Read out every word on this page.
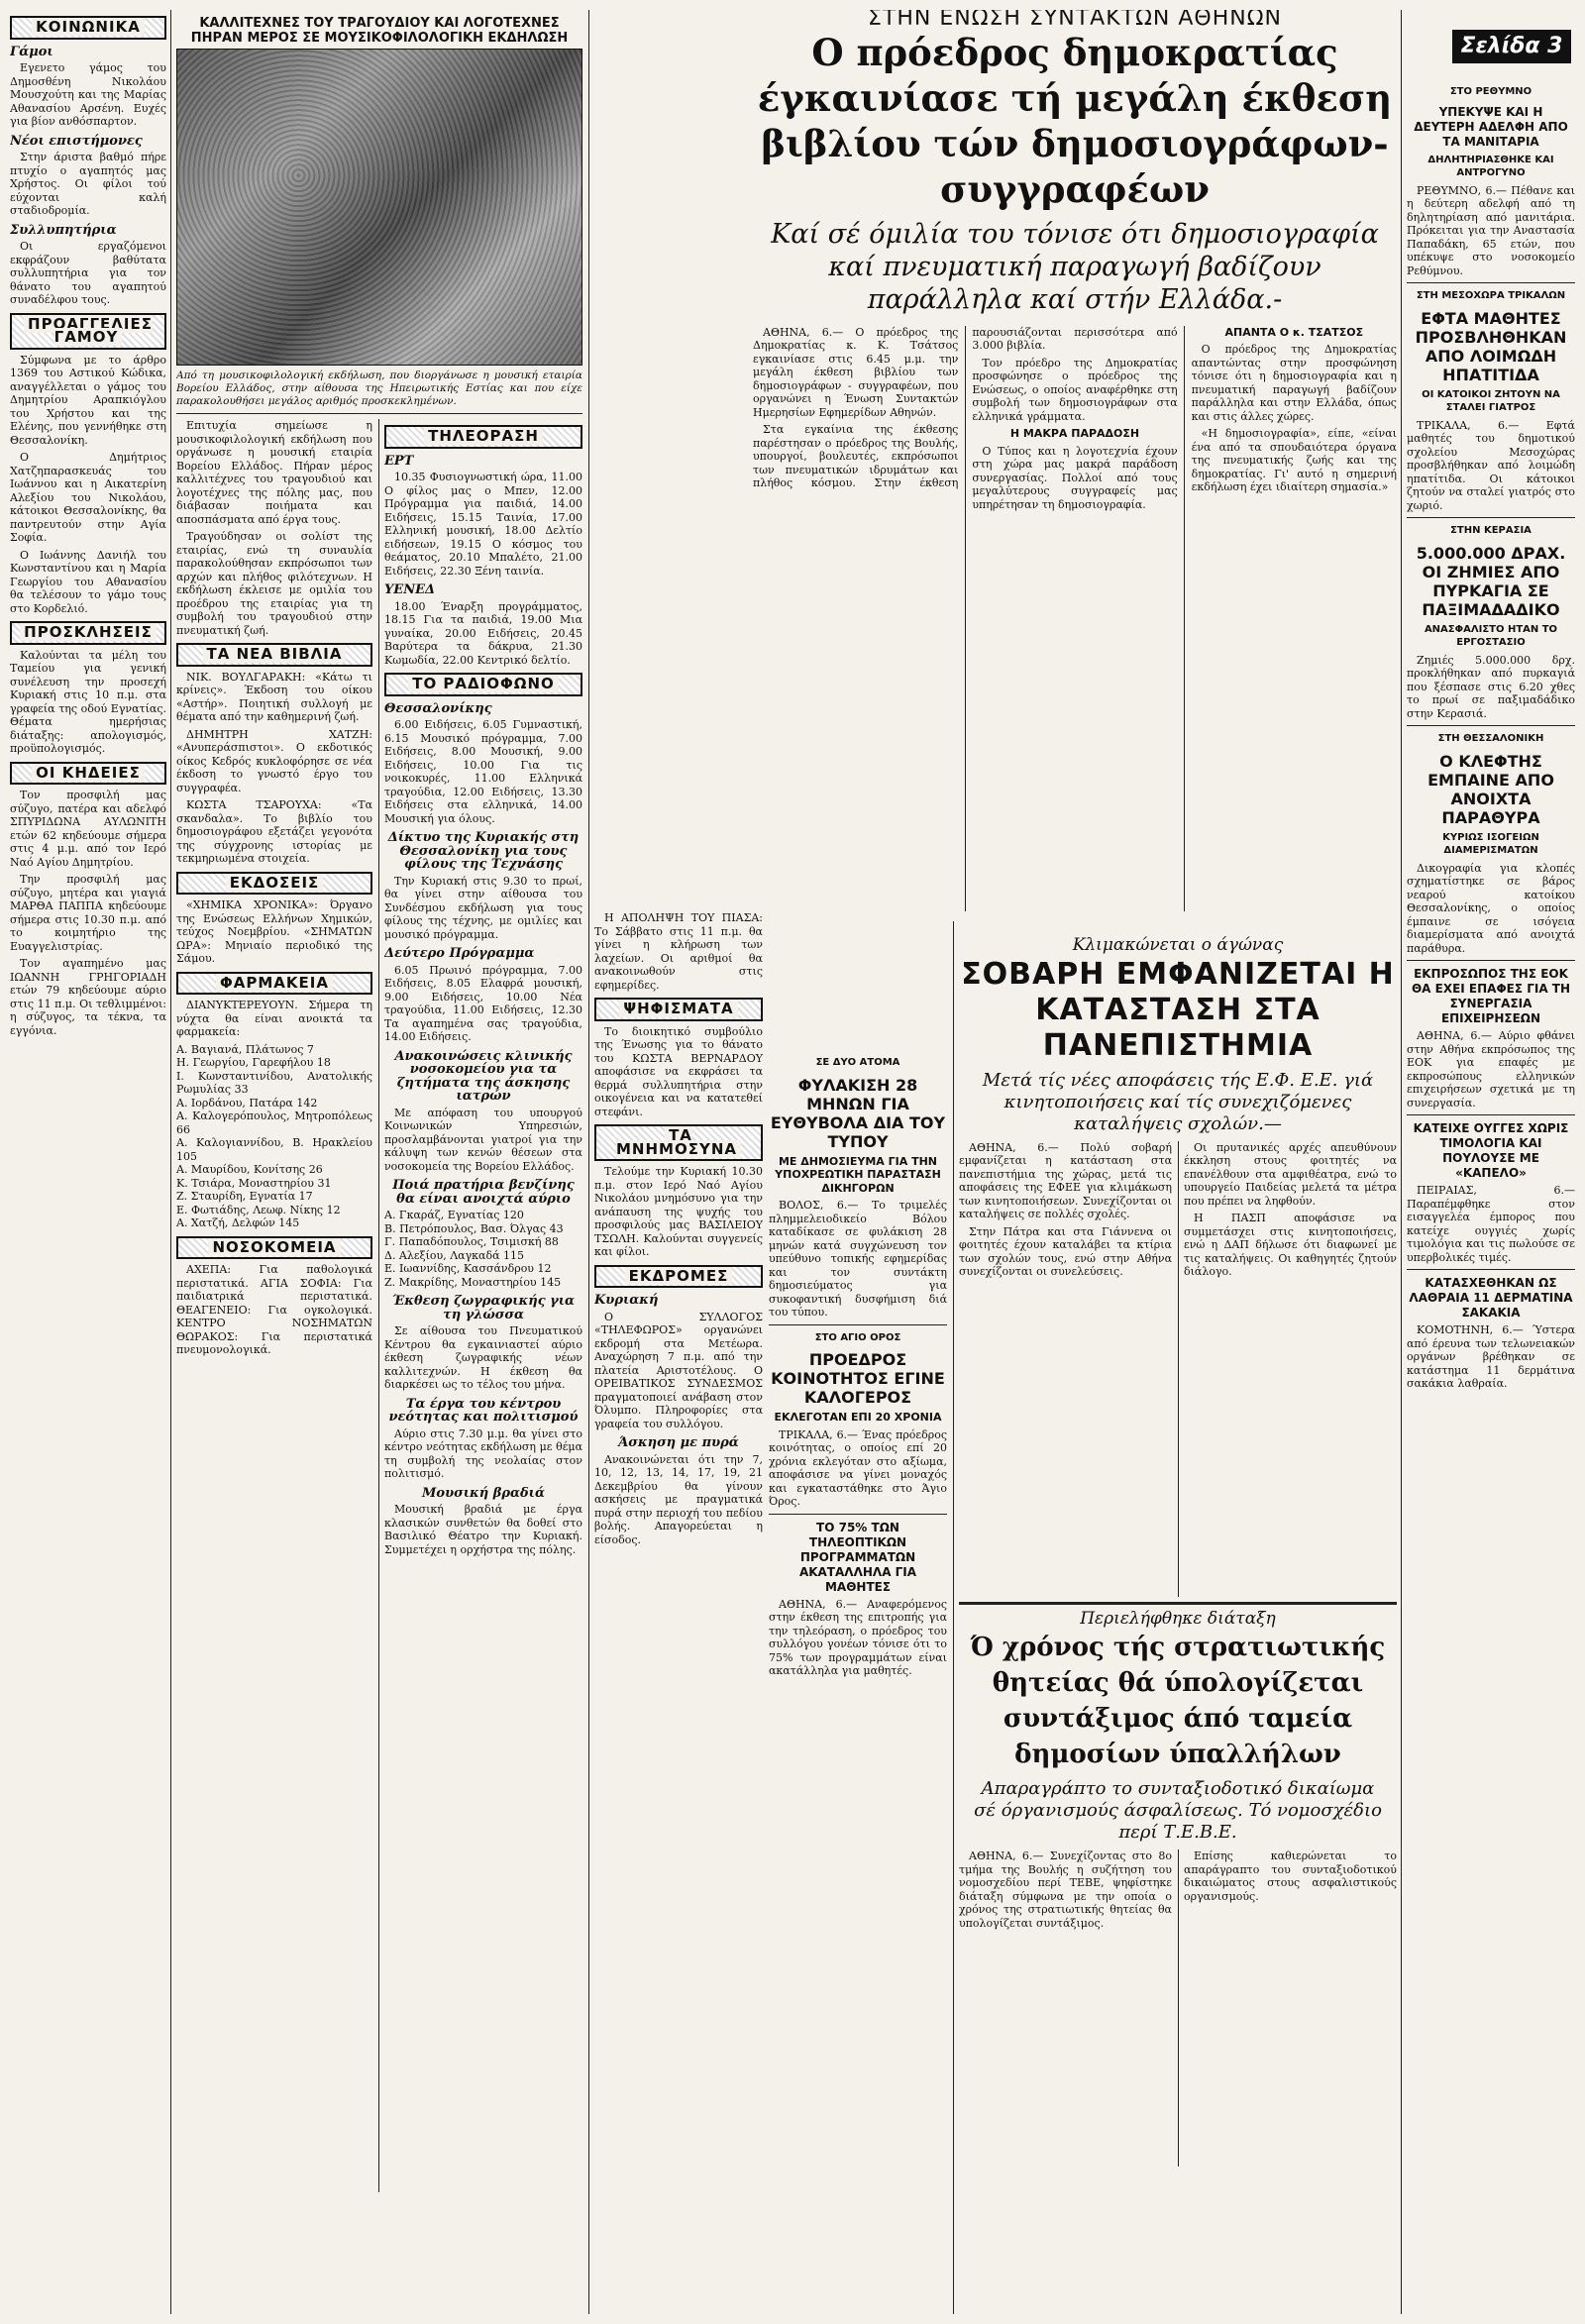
ΚΟΙΝΩΝΙΚΑ
Γάμοι

Εγενετο γάμος του Δημοσθένη Νικολάου Μουσχούτη και της Μαρίας Αθανασίου Αρσένη. Ευχές για βίον ανθόσπαρτον.

Νέοι επιστήμονες

Στην άριστα βαθμό πήρε πτυχίο ο αγαπητός μας Χρήστος. Οι φίλοι τού εύχονται καλή σταδιοδρομία.

Συλλυπητήρια

Οι εργαζόμενοι εκφράζουν βαθύτατα συλλυπητήρια για τον θάνατο του αγαπητού συναδέλφου τους.

ΠΡΟΑΓΓΕΛΙΕΣ ΓΑΜΟΥ

Σύμφωνα με το άρθρο 1369 του Αστικού Κώδικα, αναγγέλλεται ο γάμος του Δημητρίου Αραπκιόγλου του Χρήστου και της Ελένης, που γεννήθηκε στη Θεσσαλονίκη.

Ο Δημήτριος Χατζηπαρασκευάς του Ιωάννου και η Αικατερίνη Αλεξίου του Νικολάου, κάτοικοι Θεσσαλονίκης, θα παντρευτούν στην Αγία Σοφία.

Ο Ιωάννης Δανιήλ του Κωνσταντίνου και η Μαρία Γεωργίου του Αθανασίου θα τελέσουν το γάμο τους στο Κορδελιό.

ΠΡΟΣΚΛΗΣΕΙΣ

Καλούνται τα μέλη του Ταμείου για γενική συνέλευση την προσεχή Κυριακή στις 10 π.μ. στα γραφεία της οδού Εγνατίας. Θέματα ημερήσιας διάταξης: απολογισμός, προϋπολογισμός.

ΟΙ ΚΗΔΕΙΕΣ

Τον προσφιλή μας σύζυγο, πατέρα και αδελφό ΣΠΥΡΙΔΩΝΑ ΑΥΛΩΝΙΤΗ ετών 62 κηδεύουμε σήμερα στις 4 μ.μ. από τον Ιερό Ναό Αγίου Δημητρίου.

Την προσφιλή μας σύζυγο, μητέρα και γιαγιά ΜΑΡΘΑ ΠΑΠΠΑ κηδεύουμε σήμερα στις 10.30 π.μ. από το κοιμητήριο της Ευαγγελιστρίας.

Τον αγαπημένο μας ΙΩΑΝΝΗ ΓΡΗΓΟΡΙΑΔΗ ετών 79 κηδεύουμε αύριο στις 11 π.μ. Οι τεθλιμμένοι: η σύζυγος, τα τέκνα, τα εγγόνια.

ΚΑΛΛΙΤΕΧΝΕΣ ΤΟΥ ΤΡΑΓΟΥΔΙΟΥ ΚΑΙ ΛΟΓΟΤΕΧΝΕΣ ΠΗΡΑΝ ΜΕΡΟΣ ΣΕ ΜΟΥΣΙΚΟΦΙΛΟΛΟΓΙΚΗ ΕΚΔΗΛΩΣΗ
Από τη μουσικοφιλολογική εκδήλωση, που διοργάνωσε η μουσική εταιρία Βορείου Ελλάδος, στην αίθουσα της Ηπειρωτικής Εστίας και που είχε παρακολουθήσει μεγάλος αριθμός προσκεκλημένων.

Επιτυχία σημείωσε η μουσικοφιλολογική εκδήλωση που οργάνωσε η μουσική εταιρία Βορείου Ελλάδος. Πήραν μέρος καλλιτέχνες του τραγουδιού και λογοτέχνες της πόλης μας, που διάβασαν ποιήματα και αποσπάσματα από έργα τους.

Τραγούδησαν οι σολίστ της εταιρίας, ενώ τη συναυλία παρακολούθησαν εκπρόσωποι των αρχών και πλήθος φιλότεχνων. Η εκδήλωση έκλεισε με ομιλία του προέδρου της εταιρίας για τη συμβολή του τραγουδιού στην πνευματική ζωή.

ΤΑ ΝΕΑ ΒΙΒΛΙΑ

ΝΙΚ. ΒΟΥΛΓΑΡΑΚΗ: «Κάτω τι κρίνεις». Έκδοση του οίκου «Αστήρ». Ποιητική συλλογή με θέματα από την καθημερινή ζωή.

ΔΗΜΗΤΡΗ ΧΑΤΖΗ: «Ανυπεράσπιστοι». Ο εκδοτικός οίκος Κεδρός κυκλοφόρησε σε νέα έκδοση το γνωστό έργο του συγγραφέα.

ΚΩΣΤΑ ΤΣΑΡΟΥΧΑ: «Τα σκανδαλα». Το βιβλίο του δημοσιογράφου εξετάζει γεγονότα της σύγχρονης ιστορίας με τεκμηριωμένα στοιχεία.

ΕΚΔΟΣΕΙΣ

«ΧΗΜΙΚΑ ΧΡΟΝΙΚΑ»: Όργανο της Ενώσεως Ελλήνων Χημικών, τεύχος Νοεμβρίου. «ΣΗΜΑΤΩΝ ΩΡΑ»: Μηνιαίο περιοδικό της Σάμου.

ΦΑΡΜΑΚΕΙΑ

ΔΙΑΝΥΚΤΕΡΕΥΟΥΝ. Σήμερα τη νύχτα θα είναι ανοικτά τα φαρμακεία:

Α. Βαγιανά, Πλάτωνος 7

Η. Γεωργίου, Γαρεφήλου 18

Ι. Κωνσταντινίδου, Ανατολικής Ρωμυλίας 33

Α. Ιορδάνου, Πατάρα 142

Α. Καλογερόπουλος, Μητροπόλεως 66

Α. Καλογιαννίδου, Β. Ηρακλείου 105

Α. Μαυρίδου, Κονίτσης 26

Κ. Τσιάρα, Μοναστηρίου 31

Ζ. Σταυρίδη, Εγνατία 17

Ε. Φωτιάδης, Λεωφ. Νίκης 12

Α. Χατζή, Δελφών 145

ΝΟΣΟΚΟΜΕΙΑ

ΑΧΕΠΑ: Για παθολογικά περιστατικά. ΑΓΙΑ ΣΟΦΙΑ: Για παιδιατρικά περιστατικά. ΘΕΑΓΕΝΕΙΟ: Για ογκολογικά. ΚΕΝΤΡΟ ΝΟΣΗΜΑΤΩΝ ΘΩΡΑΚΟΣ: Για περιστατικά πνευμονολογικά.

ΤΗΛΕΟΡΑΣΗ
ΕΡΤ

10.35 Φυσιογνωστική ώρα, 11.00 Ο φίλος μας ο Μπεν, 12.00 Πρόγραμμα για παιδιά, 14.00 Ειδήσεις, 15.15 Ταινία, 17.00 Ελληνική μουσική, 18.00 Δελτίο ειδήσεων, 19.15 Ο κόσμος του θεάματος, 20.10 Μπαλέτο, 21.00 Ειδήσεις, 22.30 Ξένη ταινία.

ΥΕΝΕΔ

18.00 Έναρξη προγράμματος, 18.15 Για τα παιδιά, 19.00 Μια γυναίκα, 20.00 Ειδήσεις, 20.45 Βαρύτερα τα δάκρυα, 21.30 Κωμωδία, 22.00 Κεντρικό δελτίο.

ΤΟ ΡΑΔΙΟΦΩΝΟ
Θεσσαλονίκης

6.00 Ειδήσεις, 6.05 Γυμναστική, 6.15 Μουσικό πρόγραμμα, 7.00 Ειδήσεις, 8.00 Μουσική, 9.00 Ειδήσεις, 10.00 Για τις νοικοκυρές, 11.00 Ελληνικά τραγούδια, 12.00 Ειδήσεις, 13.30 Ειδήσεις στα ελληνικά, 14.00 Μουσική για όλους.

Δίκτυο της Κυριακής στη Θεσσαλονίκη για τους φίλους της Τεχνάσης

Την Κυριακή στις 9.30 το πρωί, θα γίνει στην αίθουσα του Συνδέσμου εκδήλωση για τους φίλους της τέχνης, με ομιλίες και μουσικό πρόγραμμα.

Δεύτερο Πρόγραμμα

6.05 Πρωινό πρόγραμμα, 7.00 Ειδήσεις, 8.05 Ελαφρά μουσική, 9.00 Ειδήσεις, 10.00 Νέα τραγούδια, 11.00 Ειδήσεις, 12.30 Τα αγαπημένα σας τραγούδια, 14.00 Ειδήσεις.

Ανακοινώσεις κλινικής νοσοκομείου για τα ζητήματα της άσκησης ιατρών

Με απόφαση του υπουργού Κοινωνικών Υπηρεσιών, προσλαμβάνονται γιατροί για την κάλυψη των κενών θέσεων στα νοσοκομεία της Βορείου Ελλάδος.

Ποιά πρατήρια βενζίνης θα είναι ανοιχτά αύριο

Α. Γκαράζ, Εγνατίας 120

Β. Πετρόπουλος, Βασ. Όλγας 43

Γ. Παπαδόπουλος, Τσιμισκή 88

Δ. Αλεξίου, Λαγκαδά 115

Ε. Ιωαννίδης, Κασσάνδρου 12

Ζ. Μακρίδης, Μοναστηρίου 145

Έκθεση ζωγραφικής για τη γλώσσα

Σε αίθουσα του Πνευματικού Κέντρου θα εγκαινιαστεί αύριο έκθεση ζωγραφικής νέων καλλιτεχνών. Η έκθεση θα διαρκέσει ως το τέλος του μήνα.

Τα έργα του κέντρου νεότητας και πολιτισμού

Αύριο στις 7.30 μ.μ. θα γίνει στο κέντρο νεότητας εκδήλωση με θέμα τη συμβολή της νεολαίας στον πολιτισμό.

Μουσική βραδιά

Μουσική βραδιά με έργα κλασικών συνθετών θα δοθεί στο Βασιλικό Θέατρο την Κυριακή. Συμμετέχει η ορχήστρα της πόλης.

Η ΑΠΟΛΗΨΗ ΤΟΥ ΠΙΑΣΑ: Το Σάββατο στις 11 π.μ. θα γίνει η κλήρωση των λαχείων. Οι αριθμοί θα ανακοινωθούν στις εφημερίδες.

ΨΗΦΙΣΜΑΤΑ

Το διοικητικό συμβούλιο της Ένωσης για το θάνατο του ΚΩΣΤΑ ΒΕΡΝΑΡΔΟΥ αποφάσισε να εκφράσει τα θερμά συλλυπητήρια στην οικογένεια και να κατατεθεί στεφάνι.

ΤΑ ΜΝΗΜΟΣΥΝΑ

Τελούμε την Κυριακή 10.30 π.μ. στον Ιερό Ναό Αγίου Νικολάου μνημόσυνο για την ανάπαυση της ψυχής του προσφιλούς μας ΒΑΣΙΛΕΙΟΥ ΤΣΩΛΗ. Καλούνται συγγενείς και φίλοι.

ΕΚΔΡΟΜΕΣ
Κυριακή

Ο ΣΥΛΛΟΓΟΣ «ΤΗΛΕΦΩΡΟΣ» οργανώνει εκδρομή στα Μετέωρα. Αναχώρηση 7 π.μ. από την πλατεία Αριστοτέλους. Ο ΟΡΕΙΒΑΤΙΚΟΣ ΣΥΝΔΕΣΜΟΣ πραγματοποιεί ανάβαση στον Όλυμπο. Πληροφορίες στα γραφεία του συλλόγου.

Άσκηση με πυρά

Ανακοινώνεται ότι την 7, 10, 12, 13, 14, 17, 19, 21 Δεκεμβρίου θα γίνουν ασκήσεις με πραγματικά πυρά στην περιοχή του πεδίου βολής. Απαγορεύεται η είσοδος.

ΣΕ ΔΥΟ ΑΤΟΜΑ
ΦΥΛΑΚΙΣΗ 28 ΜΗΝΩΝ ΓΙΑ ΕΥΘΥΒΟΛΑ ΔΙΑ ΤΟΥ ΤΥΠΟΥ
ΜΕ ΔΗΜΟΣΙΕΥΜΑ ΓΙΑ ΤΗΝ ΥΠΟΧΡΕΩΤΙΚΗ ΠΑΡΑΣΤΑΣΗ ΔΙΚΗΓΟΡΩΝ

ΒΟΛΟΣ, 6.— Το τριμελές πλημμελειοδικείο Βόλου καταδίκασε σε φυλάκιση 28 μηνών κατά συγχώνευση τον υπεύθυνο τοπικής εφημερίδας και τον συντάκτη δημοσιεύματος για συκοφαντική δυσφήμιση διά του τύπου.

ΣΤΟ ΑΓΙΟ ΟΡΟΣ
ΠΡΟΕΔΡΟΣ ΚΟΙΝΟΤΗΤΟΣ ΕΓΙΝΕ ΚΑΛΟΓΕΡΟΣ
ΕΚΛΕΓΟΤΑΝ ΕΠΙ 20 ΧΡΟΝΙΑ

ΤΡΙΚΑΛΑ, 6.— Ένας πρόεδρος κοινότητας, ο οποίος επί 20 χρόνια εκλεγόταν στο αξίωμα, αποφάσισε να γίνει μοναχός και εγκαταστάθηκε στο Άγιο Όρος.

ΤΟ 75% ΤΩΝ ΤΗΛΕΟΠΤΙΚΩΝ ΠΡΟΓΡΑΜΜΑΤΩΝ ΑΚΑΤΑΛΛΗΛΑ ΓΙΑ ΜΑΘΗΤΕΣ

ΑΘΗΝΑ, 6.— Αναφερόμενος στην έκθεση της επιτροπής για την τηλεόραση, ο πρόεδρος του συλλόγου γονέων τόνισε ότι το 75% των προγραμμάτων είναι ακατάλληλα για μαθητές.

ΣΤΗΝ ΕΝΩΣΗ ΣΥΝΤΑΚΤΩΝ ΑΘΗΝΩΝ
Ο πρόεδρος δημοκρατίας έγκαινίασε τή μεγάλη έκθεση βιβλίου τών δημοσιογράφων-συγγραφέων
Καί σέ όμιλία του τόνισε ότι δημοσιογραφία καί πνευματική παραγωγή βαδίζουν παράλληλα καί στήν Ελλάδα.-

ΑΘΗΝΑ, 6.— Ο πρόεδρος της Δημοκρατίας κ. Κ. Τσάτσος εγκαινίασε στις 6.45 μ.μ. την μεγάλη έκθεση βιβλίου των δημοσιογράφων - συγγραφέων, που οργανώνει η Ένωση Συντακτών Ημερησίων Εφημερίδων Αθηνών.

Στα εγκαίνια της έκθεσης παρέστησαν ο πρόεδρος της Βουλής, υπουργοί, βουλευτές, εκπρόσωποι των πνευματικών ιδρυμάτων και πλήθος κόσμου. Στην έκθεση παρουσιάζονται περισσότερα από 3.000 βιβλία.

Τον πρόεδρο της Δημοκρατίας προσφώνησε ο πρόεδρος της Ενώσεως, ο οποίος αναφέρθηκε στη συμβολή των δημοσιογράφων στα ελληνικά γράμματα.

Η ΜΑΚΡΑ ΠΑΡΑΔΟΣΗ

Ο Τύπος και η λογοτεχνία έχουν στη χώρα μας μακρά παράδοση συνεργασίας. Πολλοί από τους μεγαλύτερους συγγραφείς μας υπηρέτησαν τη δημοσιογραφία.

ΑΠΑΝΤΑ Ο κ. ΤΣΑΤΣΟΣ

Ο πρόεδρος της Δημοκρατίας απαντώντας στην προσφώνηση τόνισε ότι η δημοσιογραφία και η πνευματική παραγωγή βαδίζουν παράλληλα και στην Ελλάδα, όπως και στις άλλες χώρες.

«Η δημοσιογραφία», είπε, «είναι ένα από τα σπουδαιότερα όργανα της πνευματικής ζωής και της δημοκρατίας. Γι' αυτό η σημερινή εκδήλωση έχει ιδιαίτερη σημασία.»

Κλιμακώνεται ο άγώνας
ΣΟΒΑΡΗ ΕΜΦΑΝΙΖΕΤΑΙ Η ΚΑΤΑΣΤΑΣΗ ΣΤΑ ΠΑΝΕΠΙΣΤΗΜΙΑ
Μετά τίς νέες αποφάσεις τής Ε.Φ. Ε.Ε. γιά κινητοποιήσεις καί τίς συνεχιζόμενες καταλήψεις σχολών.—

ΑΘΗΝΑ, 6.— Πολύ σοβαρή εμφανίζεται η κατάσταση στα πανεπιστήμια της χώρας, μετά τις αποφάσεις της ΕΦΕΕ για κλιμάκωση των κινητοποιήσεων. Συνεχίζονται οι καταλήψεις σε πολλές σχολές.

Στην Πάτρα και στα Γιάννενα οι φοιτητές έχουν καταλάβει τα κτίρια των σχολών τους, ενώ στην Αθήνα συνεχίζονται οι συνελεύσεις.

Οι πρυτανικές αρχές απευθύνουν έκκληση στους φοιτητές να επανέλθουν στα αμφιθέατρα, ενώ το υπουργείο Παιδείας μελετά τα μέτρα που πρέπει να ληφθούν.

Η ΠΑΣΠ αποφάσισε να συμμετάσχει στις κινητοποιήσεις, ενώ η ΔΑΠ δήλωσε ότι διαφωνεί με τις καταλήψεις. Οι καθηγητές ζητούν διάλογο.

Περιελήφθηκε διάταξη
Ό χρόνος τής στρατιωτικής θητείας θά ύπολογίζεται συντάξιμος άπό ταμεία δημοσίων ύπαλλήλων
Απαραγράπτο το συνταξιοδοτικό δικαίωμα σέ όργανισμούς άσφαλίσεως. Τό νομοσχέδιο περί Τ.Ε.Β.Ε.

ΑΘΗΝΑ, 6.— Συνεχίζοντας στο 8ο τμήμα της Βουλής η συζήτηση του νομοσχεδίου περί ΤΕΒΕ, ψηφίστηκε διάταξη σύμφωνα με την οποία ο χρόνος της στρατιωτικής θητείας θα υπολογίζεται συντάξιμος.

Επίσης καθιερώνεται το απαράγραπτο του συνταξιοδοτικού δικαιώματος στους ασφαλιστικούς οργανισμούς.

Σελίδα 3
ΣΤΟ ΡΕΘΥΜΝΟ
ΥΠΕΚΥΨΕ ΚΑΙ Η ΔΕΥΤΕΡΗ ΑΔΕΛΦΗ ΑΠΟ ΤΑ ΜΑΝΙΤΑΡΙΑ
ΔΗΛΗΤΗΡΙΑΣΘΗΚΕ ΚΑΙ ΑΝΤΡΟΓΥΝΟ

ΡΕΘΥΜΝΟ, 6.— Πέθανε και η δεύτερη αδελφή από τη δηλητηρίαση από μανιτάρια. Πρόκειται για την Αναστασία Παπαδάκη, 65 ετών, που υπέκυψε στο νοσοκομείο Ρεθύμνου.

ΣΤΗ ΜΕΣΟΧΩΡΑ ΤΡΙΚΑΛΩΝ
ΕΦΤΑ ΜΑΘΗΤΕΣ ΠΡΟΣΒΛΗΘΗΚΑΝ ΑΠΟ ΛΟΙΜΩΔΗ ΗΠΑΤΙΤΙΔΑ
ΟΙ ΚΑΤΟΙΚΟΙ ΖΗΤΟΥΝ ΝΑ ΣΤΑΛΕΙ ΓΙΑΤΡΟΣ

ΤΡΙΚΑΛΑ, 6.— Εφτά μαθητές του δημοτικού σχολείου Μεσοχώρας προσβλήθηκαν από λοιμώδη ηπατίτιδα. Οι κάτοικοι ζητούν να σταλεί γιατρός στο χωριό.

ΣΤΗΝ ΚΕΡΑΣΙΑ
5.000.000 ΔΡΑΧ. ΟΙ ΖΗΜΙΕΣ ΑΠΟ ΠΥΡΚΑΓΙΑ ΣΕ ΠΑΞΙΜΑΔΑΔΙΚΟ
ΑΝΑΣΦΑΛΙΣΤΟ ΗΤΑΝ ΤΟ ΕΡΓΟΣΤΑΣΙΟ

Ζημιές 5.000.000 δρχ. προκλήθηκαν από πυρκαγιά που ξέσπασε στις 6.20 χθες το πρωί σε παξιμαδάδικο στην Κερασιά.

ΣΤΗ ΘΕΣΣΑΛΟΝΙΚΗ
Ο ΚΛΕΦΤΗΣ ΕΜΠΑΙΝΕ ΑΠΟ ΑΝΟΙΧΤΑ ΠΑΡΑΘΥΡΑ
ΚΥΡΙΩΣ ΙΣΟΓΕΙΩΝ ΔΙΑΜΕΡΙΣΜΑΤΩΝ

Δικογραφία για κλοπές σχηματίστηκε σε βάρος νεαρού κατοίκου Θεσσαλονίκης, ο οποίος έμπαινε σε ισόγεια διαμερίσματα από ανοιχτά παράθυρα.

ΕΚΠΡΟΣΩΠΟΣ ΤΗΣ ΕΟΚ ΘΑ ΕΧΕΙ ΕΠΑΦΕΣ ΓΙΑ ΤΗ ΣΥΝΕΡΓΑΣΙΑ ΕΠΙΧΕΙΡΗΣΕΩΝ

ΑΘΗΝΑ, 6.— Αύριο φθάνει στην Αθήνα εκπρόσωπος της ΕΟΚ για επαφές με εκπροσώπους ελληνικών επιχειρήσεων σχετικά με τη συνεργασία.

ΚΑΤΕΙΧΕ ΟΥΓΓΕΣ ΧΩΡΙΣ ΤΙΜΟΛΟΓΙΑ ΚΑΙ ΠΟΥΛΟΥΣΕ ΜΕ «ΚΑΠΕΛΟ»

ΠΕΙΡΑΙΑΣ, 6.— Παραπέμφθηκε στον εισαγγελέα έμπορος που κατείχε ουγγιές χωρίς τιμολόγια και τις πωλούσε σε υπερβολικές τιμές.

ΚΑΤΑΣΧΕΘΗΚΑΝ ΩΣ ΛΑΘΡΑΙΑ 11 ΔΕΡΜΑΤΙΝΑ ΣΑΚΑΚΙΑ

ΚΟΜΟΤΗΝΗ, 6.— Ύστερα από έρευνα των τελωνειακών οργάνων βρέθηκαν σε κατάστημα 11 δερμάτινα σακάκια λαθραία.
